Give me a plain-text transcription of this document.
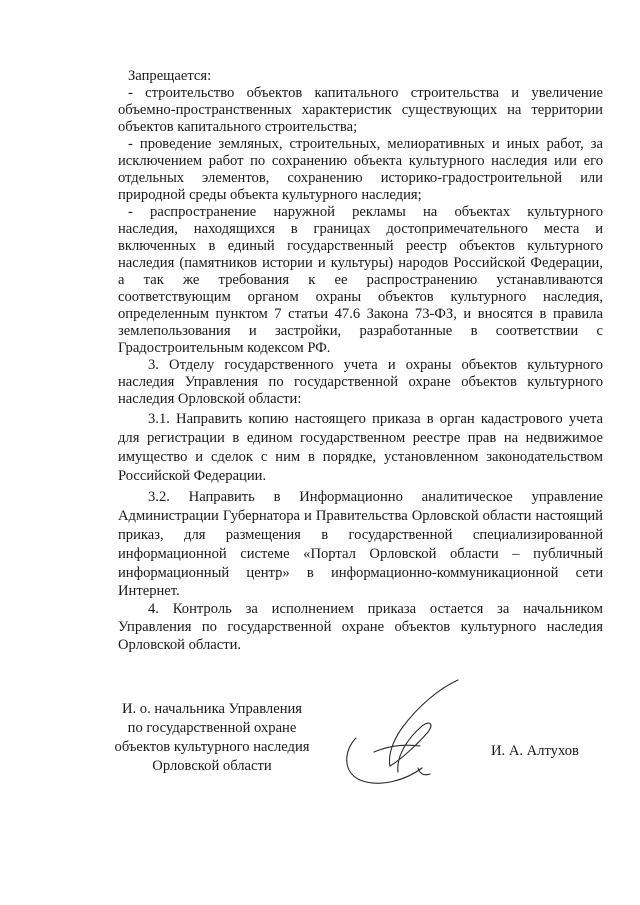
Запрещается:
- строительство объектов капитального строительства и увеличение
объемно-пространственных характеристик существующих на территории
объектов капитального строительства;
- проведение земляных, строительных, мелиоративных и иных работ, за
исключением работ по сохранению объекта культурного наследия или его
отдельных элементов, сохранению историко-градостроительной или
природной среды объекта культурного наследия;
- распространение наружной рекламы на объектах культурного
наследия, находящихся в границах достопримечательного места и
включенных в единый государственный реестр объектов культурного
наследия (памятников истории и культуры) народов Российской Федерации,
а так же требования к ее распространению устанавливаются
соответствующим органом охраны объектов культурного наследия,
определенным пунктом 7 статьи 47.6 Закона 73-ФЗ, и вносятся в правила
землепользования и застройки, разработанные в соответствии с
Градостроительным кодексом РФ.
3. Отделу государственного учета и охраны объектов культурного
наследия Управления по государственной охране объектов культурного
наследия Орловской области:
3.1. Направить копию настоящего приказа в орган кадастрового учета
для регистрации в едином государственном реестре прав на недвижимое
имущество и сделок с ним в порядке, установленном законодательством
Российской Федерации.
3.2. Направить в Информационно аналитическое управление
Администрации Губернатора и Правительства Орловской области настоящий
приказ, для размещения в государственной специализированной
информационной системе «Портал Орловской области – публичный
информационный центр» в информационно-коммуникационной сети
Интернет.
4. Контроль за исполнением приказа остается за начальником
Управления по государственной охране объектов культурного наследия
Орловской области.
И. о. начальника Управления
по государственной охране
объектов культурного наследия
Орловской области
И. А. Алтухов
